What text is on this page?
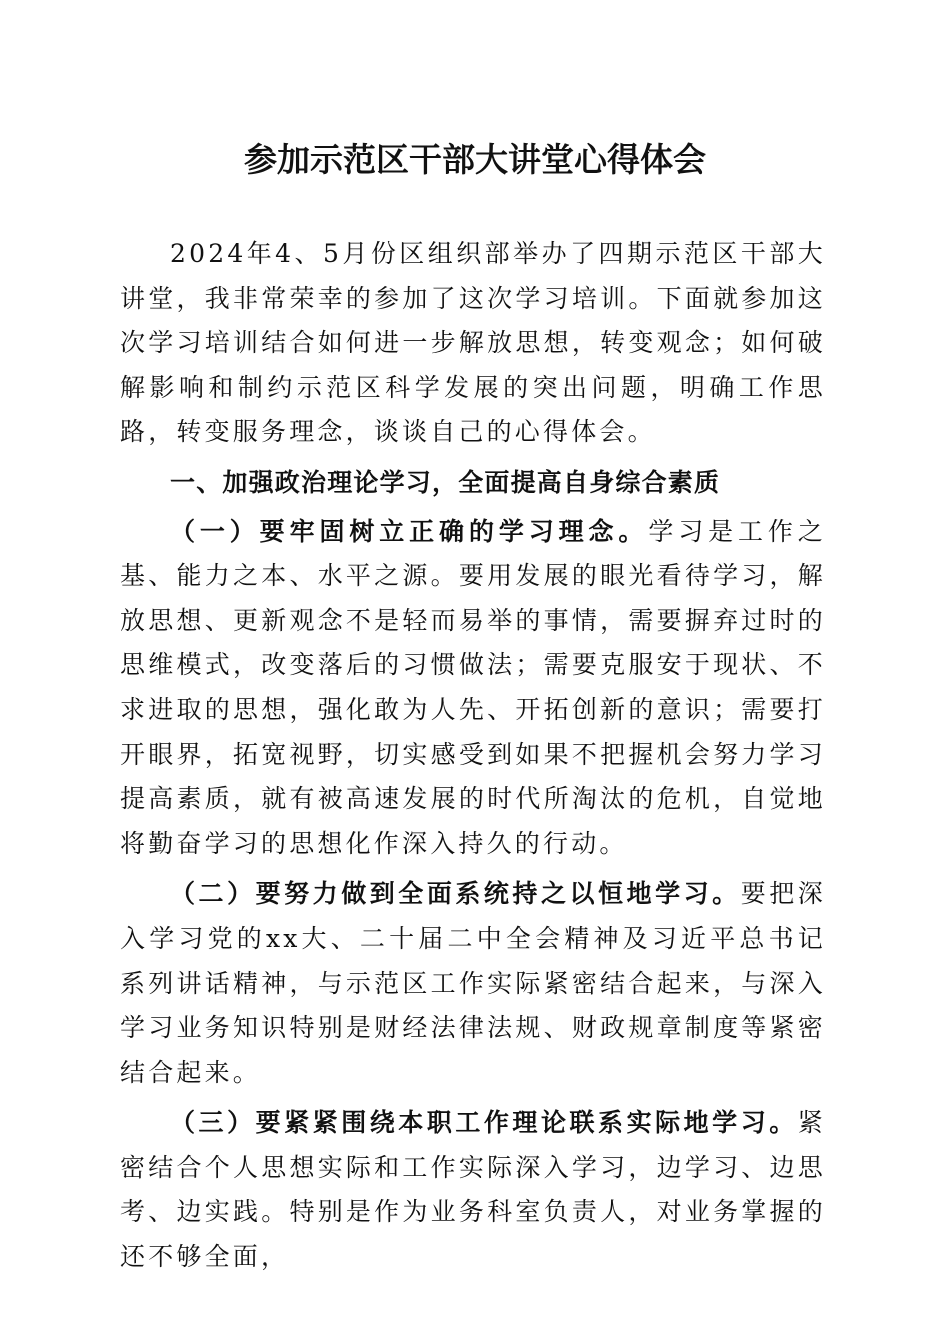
参加示范区干部大讲堂心得体会

2024年4、5月份区组织部举办了四期示范区干部大讲堂，我非常荣幸的参加了这次学习培训。下面就参加这次学习培训结合如何进一步解放思想，转变观念；如何破解影响和制约示范区科学发展的突出问题，明确工作思路，转变服务理念，谈谈自己的心得体会。

一、加强政治理论学习，全面提高自身综合素质

（一）要牢固树立正确的学习理念。学习是工作之基、能力之本、水平之源。要用发展的眼光看待学习，解放思想、更新观念不是轻而易举的事情，需要摒弃过时的思维模式，改变落后的习惯做法；需要克服安于现状、不求进取的思想，强化敢为人先、开拓创新的意识；需要打开眼界，拓宽视野，切实感受到如果不把握机会努力学习提高素质，就有被高速发展的时代所淘汰的危机，自觉地将勤奋学习的思想化作深入持久的行动。

（二）要努力做到全面系统持之以恒地学习。要把深入学习党的xx大、二十届二中全会精神及习近平总书记系列讲话精神，与示范区工作实际紧密结合起来，与深入学习业务知识特别是财经法律法规、财政规章制度等紧密结合起来。

（三）要紧紧围绕本职工作理论联系实际地学习。紧密结合个人思想实际和工作实际深入学习，边学习、边思考、边实践。特别是作为业务科室负责人，对业务掌握的还不够全面，
